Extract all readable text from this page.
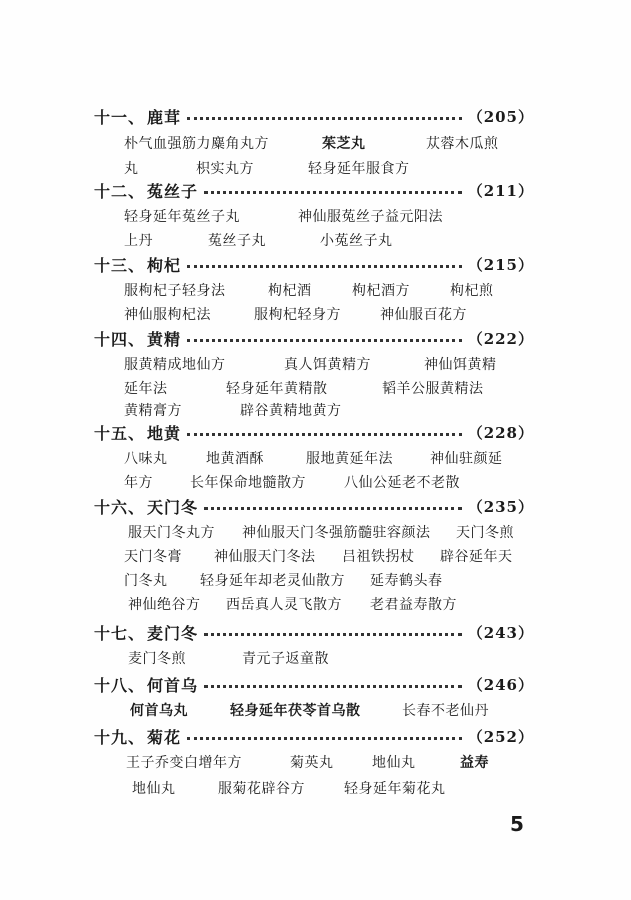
十一、 鹿茸	（205）
朴气血强筋力麋角丸方	茱芝丸	苁蓉木瓜煎
丸	枳实丸方	轻身延年服食方
十二、 菟丝子	（211）
轻身延年菟丝子丸	神仙服菟丝子益元阳法
上丹	菟丝子丸	小菟丝子丸
十三、 枸杞	（215）
服枸杞子轻身法	枸杞酒	枸杞酒方	枸杞煎
神仙服枸杞法	服枸杞轻身方	神仙服百花方
十四、 黄精	（222）
服黄精成地仙方	真人饵黄精方	神仙饵黄精
延年法	轻身延年黄精散	韬羊公服黄精法
黄精膏方	辟谷黄精地黄方
十五、 地黄	（228）
八味丸	地黄酒酥	服地黄延年法	神仙驻颜延
年方	长年保命地髓散方	八仙公延老不老散
十六、 天门冬	（235）
服天门冬丸方 神仙服天门冬强筋髓驻容颜法 天门冬煎
天门冬膏 神仙服天门冬法 吕祖铁拐杖 辟谷延年天
门冬丸 轻身延年却老灵仙散方 延寿鹤头春
神仙绝谷方 西岳真人灵飞散方 老君益寿散方
十七、 麦门冬	（243）
麦门冬煎	青元子返童散
十八、 何首乌	（246）
何首乌丸	轻身延年茯苓首乌散	长春不老仙丹
十九、 菊花	（252）
王子乔变白增年方	菊英丸	地仙丸	益寿
地仙丸	服菊花辟谷方	轻身延年菊花丸
5
